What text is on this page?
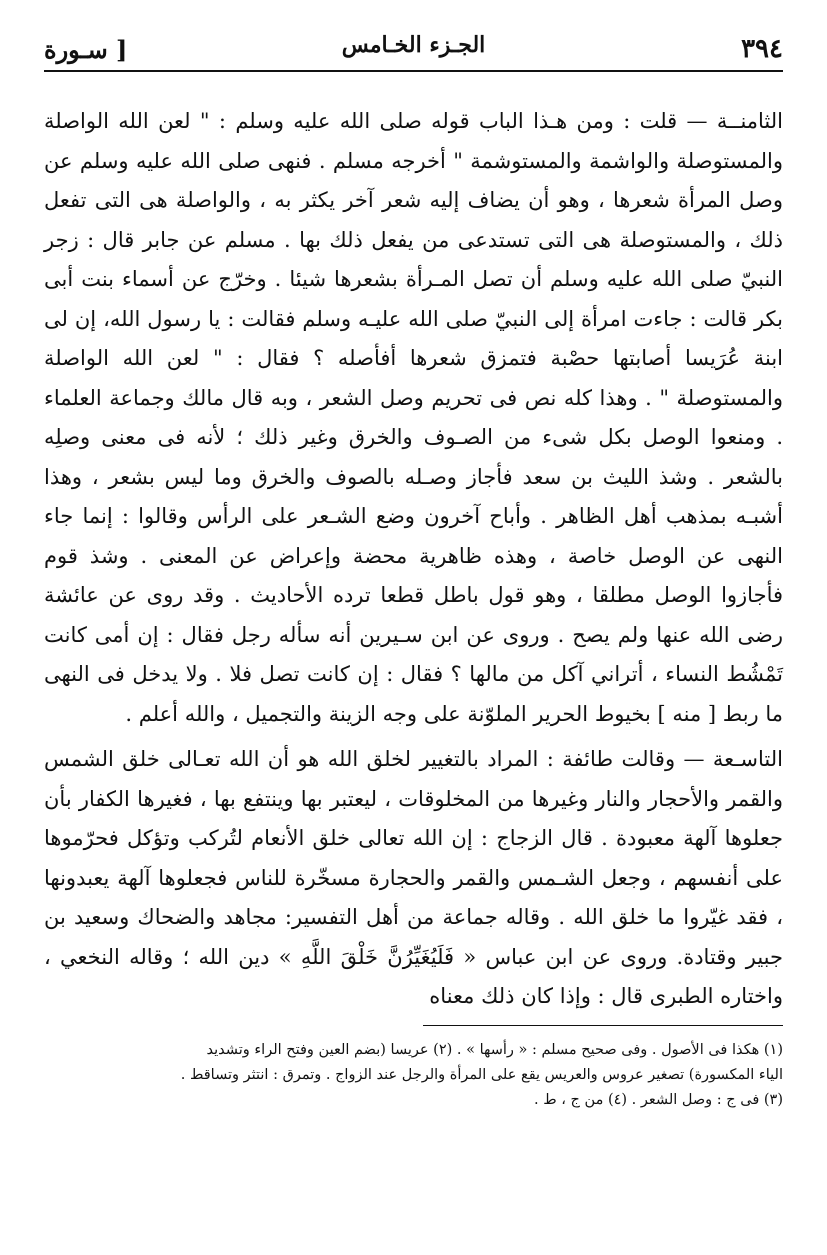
٣٩٤
الجـزء الخـامس
[ سـورة

الثامنــة — قلت : ومن هـذا الباب قوله صلى الله عليه وسلم : " لعن الله الواصلة والمستوصلة والواشمة والمستوشمة " أخرجه مسلم . فنهى صلى الله عليه وسلم عن وصل المرأة شعرها ، وهو أن يضاف إليه شعر آخر يكثر به ، والواصلة هى التى تفعل ذلك ، والمستوصلة هى التى تستدعى من يفعل ذلك بها . مسلم عن جابر قال : زجر النبيّ صلى الله عليه وسلم أن تصل المـرأة بشعرها شيئا . وخرّج عن أسماء بنت أبى بكر قالت : جاءت امرأة إلى النبيّ صلى الله عليـه وسلم فقالت : يا رسول الله، إن لى ابنة عُرَيسا أصابتها حصْبة فتمزق شعرها أفأصله ؟ فقال : " لعن الله الواصلة والمستوصلة " . وهذا كله نص فى تحريم وصل الشعر ، وبه قال مالك وجماعة العلماء . ومنعوا الوصل بكل شىء من الصـوف والخرق وغير ذلك ؛ لأنه فى معنى وصلِه بالشعر . وشذ الليث بن سعد فأجاز وصـله بالصوف والخرق وما ليس بشعر ، وهذا أشبـه بمذهب أهل الظاهر . وأباح آخرون وضع الشـعر على الرأس وقالوا : إنما جاء النهى عن الوصل خاصة ، وهذه ظاهرية محضة وإعراض عن المعنى . وشذ قوم فأجازوا الوصل مطلقا ، وهو قول باطل قطعا ترده الأحاديث . وقد روى عن عائشة رضى الله عنها ولم يصح . وروى عن ابن سـيرين أنه سأله رجل فقال : إن أمى كانت تَمْشُط النساء ، أتراني آكل من مالها ؟ فقال : إن كانت تصل فلا . ولا يدخل فى النهى ما ربط [ منه ] بخيوط الحرير الملوّنة على وجه الزينة والتجميل ، والله أعلم .

التاسـعة — وقالت طائفة : المراد بالتغيير لخلق الله هو أن الله تعـالى خلق الشمس والقمر والأحجار والنار وغيرها من المخلوقات ، ليعتبر بها وينتفع بها ، فغيرها الكفار بأن جعلوها آلهة معبودة . قال الزجاج : إن الله تعالى خلق الأنعام لتُركب وتؤكل فحرّموها على أنفسهم ، وجعل الشـمس والقمر والحجارة مسخّرة للناس فجعلوها آلهة يعبدونها ، فقد غيّروا ما خلق الله . وقاله جماعة من أهل التفسير: مجاهد والضحاك وسعيد بن جبير وقتادة. وروى عن ابن عباس « فَلَيُغَيِّرُنَّ خَلْقَ اللَّهِ » دين الله ؛ وقاله النخعي ، واختاره الطبرى قال : وإذا كان ذلك معناه

(١) هكذا فى الأصول . وفى صحيح مسلم : « رأسها » . (٢) عريسا (بضم العين وفتح الراء وتشديد
الياء المكسورة) تصغير عروس والعريس يقع على المرأة والرجل عند الزواج . وتمرق : انتثر وتساقط .
(٣) فى ج : وصل الشعر . (٤) من ج ، ط .
